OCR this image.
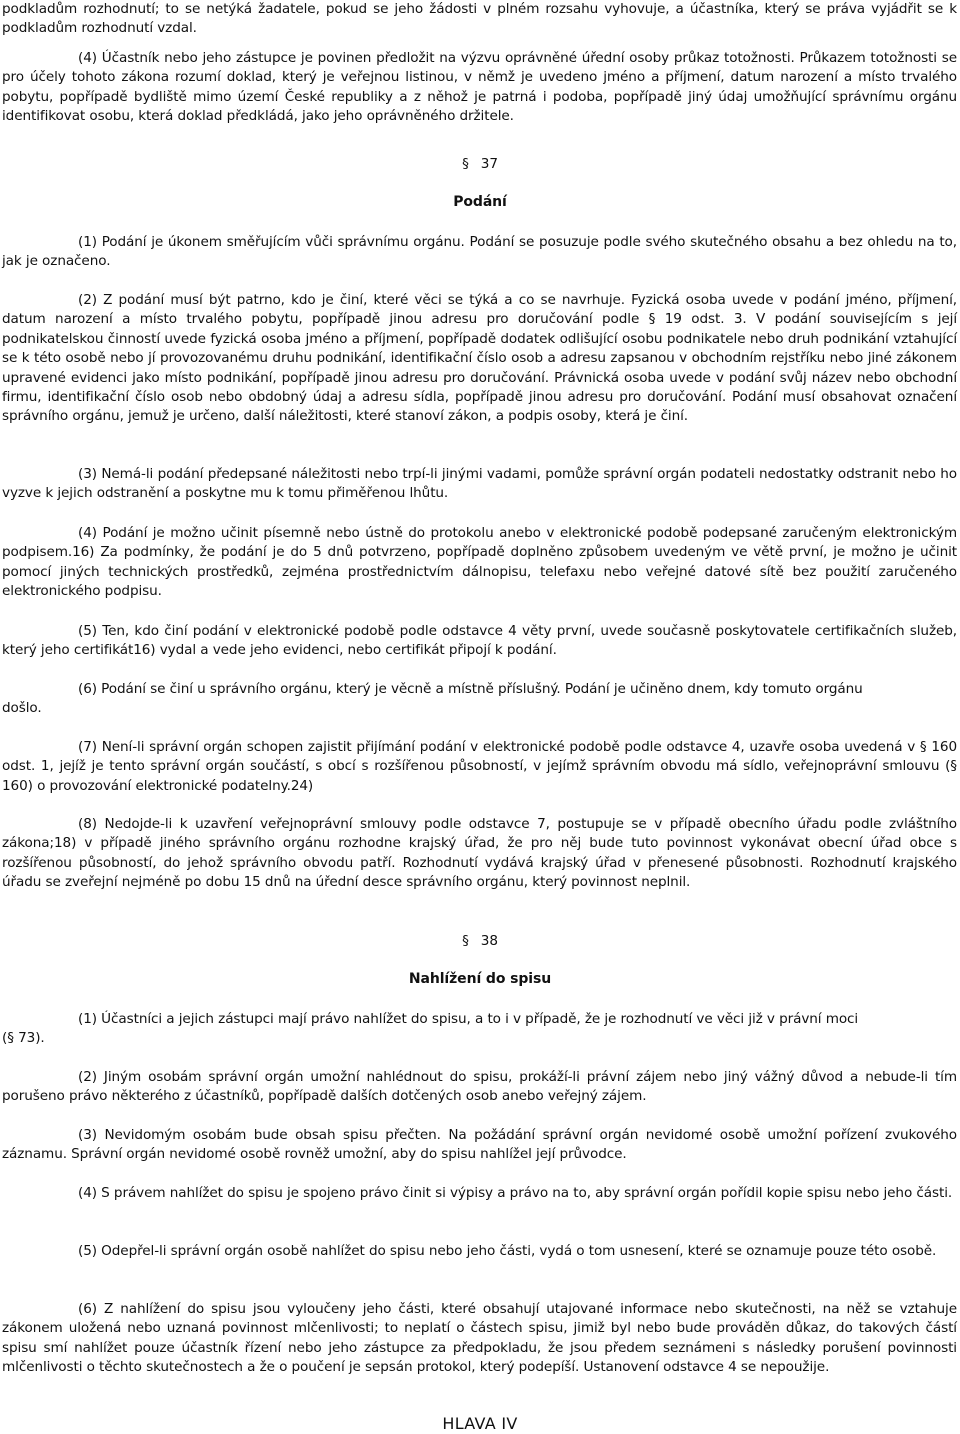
podkladům rozhodnutí; to se netýká žadatele, pokud se jeho žádosti v plném rozsahu vyhovuje, a účastníka, který se práva vyjádřit se k podkladům rozhodnutí vzdal.

(4) Účastník nebo jeho zástupce je povinen předložit na výzvu oprávněné úřední osoby průkaz totožnosti. Průkazem totožnosti se pro účely tohoto zákona rozumí doklad, který je veřejnou listinou, v němž je uvedeno jméno a příjmení, datum narození a místo trvalého pobytu, popřípadě bydliště mimo území České republiky a z něhož je patrná i podoba, popřípadě jiný údaj umožňující správnímu orgánu identifikovat osobu, která doklad předkládá, jako jeho oprávněného držitele.

§ 37

Podání

(1) Podání je úkonem směřujícím vůči správnímu orgánu. Podání se posuzuje podle svého skutečného obsahu a bez ohledu na to, jak je označeno.

(2) Z podání musí být patrno, kdo je činí, které věci se týká a co se navrhuje. Fyzická osoba uvede v podání jméno, příjmení, datum narození a místo trvalého pobytu, popřípadě jinou adresu pro doručování podle § 19 odst. 3. V podání souvisejícím s její podnikatelskou činností uvede fyzická osoba jméno a příjmení, popřípadě dodatek odlišující osobu podnikatele nebo druh podnikání vztahující se k této osobě nebo jí provozovanému druhu podnikání, identifikační číslo osob a adresu zapsanou v obchodním rejstříku nebo jiné zákonem upravené evidenci jako místo podnikání, popřípadě jinou adresu pro doručování. Právnická osoba uvede v podání svůj název nebo obchodní firmu, identifikační číslo osob nebo obdobný údaj a adresu sídla, popřípadě jinou adresu pro doručování. Podání musí obsahovat označení správního orgánu, jemuž je určeno, další náležitosti, které stanoví zákon, a podpis osoby, která je činí.

(3) Nemá-li podání předepsané náležitosti nebo trpí-li jinými vadami, pomůže správní orgán podateli nedostatky odstranit nebo ho vyzve k jejich odstranění a poskytne mu k tomu přiměřenou lhůtu.

(4) Podání je možno učinit písemně nebo ústně do protokolu anebo v elektronické podobě podepsané zaručeným elektronickým podpisem.16) Za podmínky, že podání je do 5 dnů potvrzeno, popřípadě doplněno způsobem uvedeným ve větě první, je možno je učinit pomocí jiných technických prostředků, zejména prostřednictvím dálnopisu, telefaxu nebo veřejné datové sítě bez použití zaručeného elektronického podpisu.

(5) Ten, kdo činí podání v elektronické podobě podle odstavce 4 věty první, uvede současně poskytovatele certifikačních služeb, který jeho certifikát16) vydal a vede jeho evidenci, nebo certifikát připojí k podání.

(6) Podání se činí u správního orgánu, který je věcně a místně příslušný. Podání je učiněno dnem, kdy tomuto orgánu
došlo.

(7) Není-li správní orgán schopen zajistit přijímání podání v elektronické podobě podle odstavce 4, uzavře osoba uvedená v § 160 odst. 1, jejíž je tento správní orgán součástí, s obcí s rozšířenou působností, v jejímž správním obvodu má sídlo, veřejnoprávní smlouvu (§ 160) o provozování elektronické podatelny.24)

(8) Nedojde-li k uzavření veřejnoprávní smlouvy podle odstavce 7, postupuje se v případě obecního úřadu podle zvláštního zákona;18) v případě jiného správního orgánu rozhodne krajský úřad, že pro něj bude tuto povinnost vykonávat obecní úřad obce s rozšířenou působností, do jehož správního obvodu patří. Rozhodnutí vydává krajský úřad v přenesené působnosti. Rozhodnutí krajského úřadu se zveřejní nejméně po dobu 15 dnů na úřední desce správního orgánu, který povinnost neplnil.

§ 38

Nahlížení do spisu

(1) Účastníci a jejich zástupci mají právo nahlížet do spisu, a to i v případě, že je rozhodnutí ve věci již v právní moci
(§ 73).

(2) Jiným osobám správní orgán umožní nahlédnout do spisu, prokáží-li právní zájem nebo jiný vážný důvod a nebude-li tím porušeno právo některého z účastníků, popřípadě dalších dotčených osob anebo veřejný zájem.

(3) Nevidomým osobám bude obsah spisu přečten. Na požádání správní orgán nevidomé osobě umožní pořízení zvukového záznamu. Správní orgán nevidomé osobě rovněž umožní, aby do spisu nahlížel její průvodce.

(4) S právem nahlížet do spisu je spojeno právo činit si výpisy a právo na to, aby správní orgán pořídil kopie spisu nebo jeho části.

(5) Odepřel-li správní orgán osobě nahlížet do spisu nebo jeho části, vydá o tom usnesení, které se oznamuje pouze této osobě.

(6) Z nahlížení do spisu jsou vyloučeny jeho části, které obsahují utajované informace nebo skutečnosti, na něž se vztahuje zákonem uložená nebo uznaná povinnost mlčenlivosti; to neplatí o částech spisu, jimiž byl nebo bude prováděn důkaz, do takových částí spisu smí nahlížet pouze účastník řízení nebo jeho zástupce za předpokladu, že jsou předem seznámeni s následky porušení povinnosti mlčenlivosti o těchto skutečnostech a že o poučení je sepsán protokol, který podepíší. Ustanovení odstavce 4 se nepoužije.

HLAVA IV
